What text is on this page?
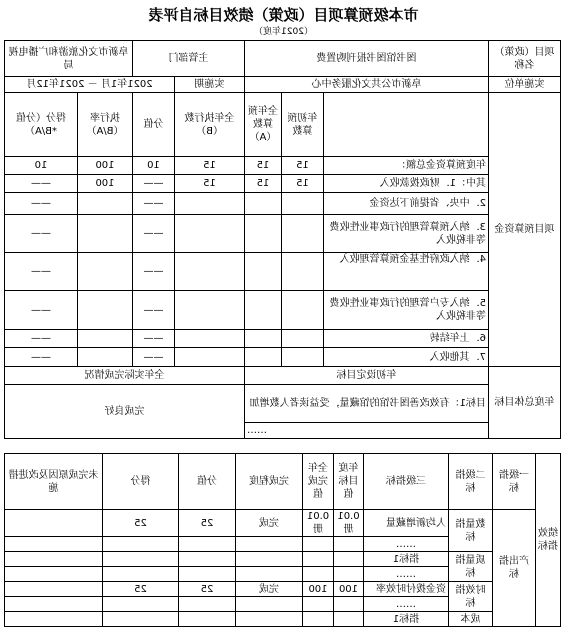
市本级预算项目（政策）绩效目标自评表
（2021年度）
项目（政策）名称	图书馆图书报刊购置费			主管部门		阜新市文化旅游和广播电视局	
实施单位	阜新市公共文化服务中心			实施期	2021年1月 － 2021年12月		
项目预算资金		年初预算数	全年预算数（A）	全年执行数（B）	分值	执行率（B/A）	得分（分值*B/A）
	年度预算资金总额：	15	15	15	10	100	10
	其中：1．财政拨款收入	15	15	15	——	100	——
	2．中央、省提前下达资金				——		——
	3．纳入预算管理的行政事业性收费等非税收入				——		——
	4．纳入政府性基金预算管理收入				——		——
	5．纳入专户管理的行政事业性收费等非税收入				——		——
	6．上年结转				——		——
	7．其他收入				——		——
年度总体目标	年初设定目标			全年实际完成情况			
	目标1：有效改善图书馆的馆藏量，受益读者人数增加			完成良好			
	……						
绩效指标	一级指标	二级指标	三级指标	年度目标值	全年完成值	完成程度	分值	得分	未完成原因及改进措施
	产出指标	数量指标	人均新增藏量	0.01册	0.01册	完成	25	25	
			……						
		质量指标	指标1						
			……						
		时效指标	资金拨付时效率	100	100	完成	25	25	
			……						
		成本	指标1						
